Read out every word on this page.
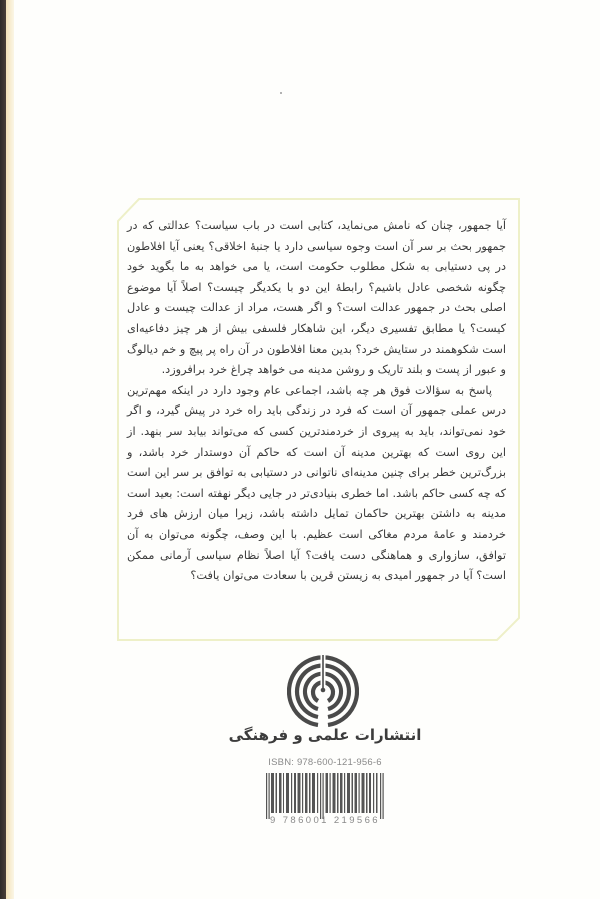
آیا جمهور، چنان که نامش می‌نماید، کتابی است در باب سیاست؟ عدالتی که در جمهور بحث بر سر آن است وجوه سیاسی دارد یا جنبهٔ اخلاقی؟ یعنی آیا افلاطون در پی دستیابی به شکل مطلوب حکومت است، یا می خواهد به ما بگوید خود چگونه شخصی عادل باشیم؟ رابطهٔ این دو با یکدیگر چیست؟ اصلاً آیا موضوع اصلی بحث در جمهور عدالت است؟ و اگر هست، مراد از عدالت چیست و عادل کیست؟ یا مطابق تفسیری دیگر، این شاهکار فلسفی بیش از هر چیز دفاعیه‌ای است شکوهمند در ستایش خرد؟ بدین معنا افلاطون در آن راه پر پیچ و خم دیالوگ و عبور از پست و بلند تاریک و روشن مدینه می خواهد چراغ خرد برافروزد.

پاسخ به سؤالات فوق هر چه باشد، اجماعی عام وجود دارد در اینکه مهم‌ترین درس عملی جمهور آن است که فرد در زندگی باید راه خرد در پیش گیرد، و اگر خود نمی‌تواند، باید به پیروی از خردمندترین کسی که می‌تواند بیابد سر بنهد. از این روی است که بهترین مدینه آن است که حاکم آن دوستدار خرد باشد، و بزرگ‌ترین خطر برای چنین مدینه‌ای ناتوانی در دستیابی به توافق بر سر این است که چه کسی حاکم باشد. اما خطری بنیادی‌تر در جایی دیگر نهفته است: بعید است مدینه به داشتن بهترین حاکمان تمایل داشته باشد، زیرا میان ارزش های فرد خردمند و عامهٔ مردم مغاکی است عظیم. با این وصف، چگونه می‌توان به آن توافق، سازواری و هماهنگی دست یافت؟ آیا اصلاً نظام سیاسی آرمانی ممکن است؟ آیا در جمهور امیدی به زیستن قرین با سعادت می‌توان یافت؟

انتشارات علمی و فرهنگی
ISBN: 978-600-121-956-6
9 786001 219566
